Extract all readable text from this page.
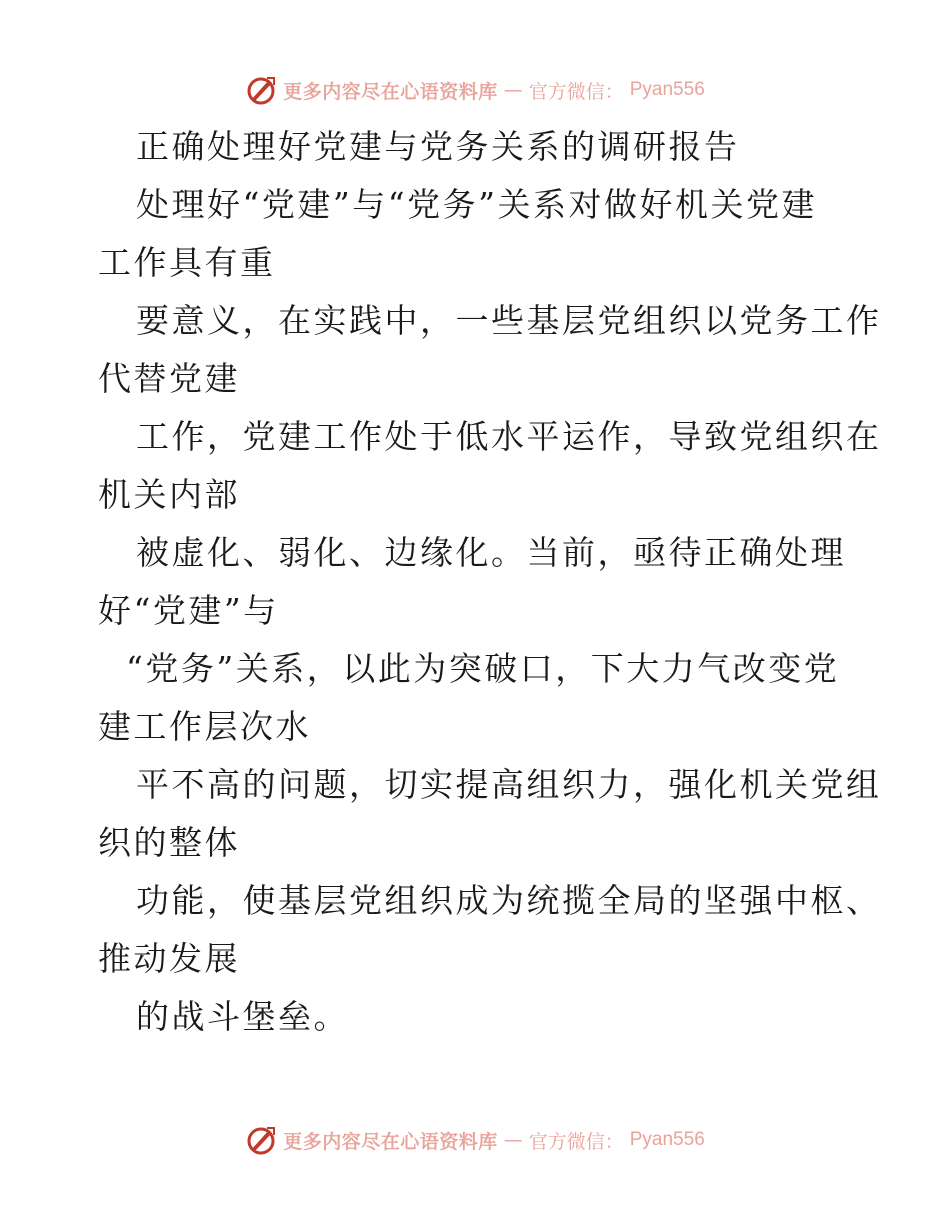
更多内容尽在心语资料库 — 官方微信： Pyan556
正确处理好党建与党务关系的调研报告
处理好“党建”与“党务”关系对做好机关党建
工作具有重
要意义，在实践中，一些基层党组织以党务工作
代替党建
工作，党建工作处于低水平运作，导致党组织在
机关内部
被虚化、弱化、边缘化。当前，亟待正确处理
好“党建”与
“党务”关系，以此为突破口，下大力气改变党
建工作层次水
平不高的问题，切实提高组织力，强化机关党组
织的整体
功能，使基层党组织成为统揽全局的坚强中枢、
推动发展
的战斗堡垒。
更多内容尽在心语资料库 — 官方微信： Pyan556
